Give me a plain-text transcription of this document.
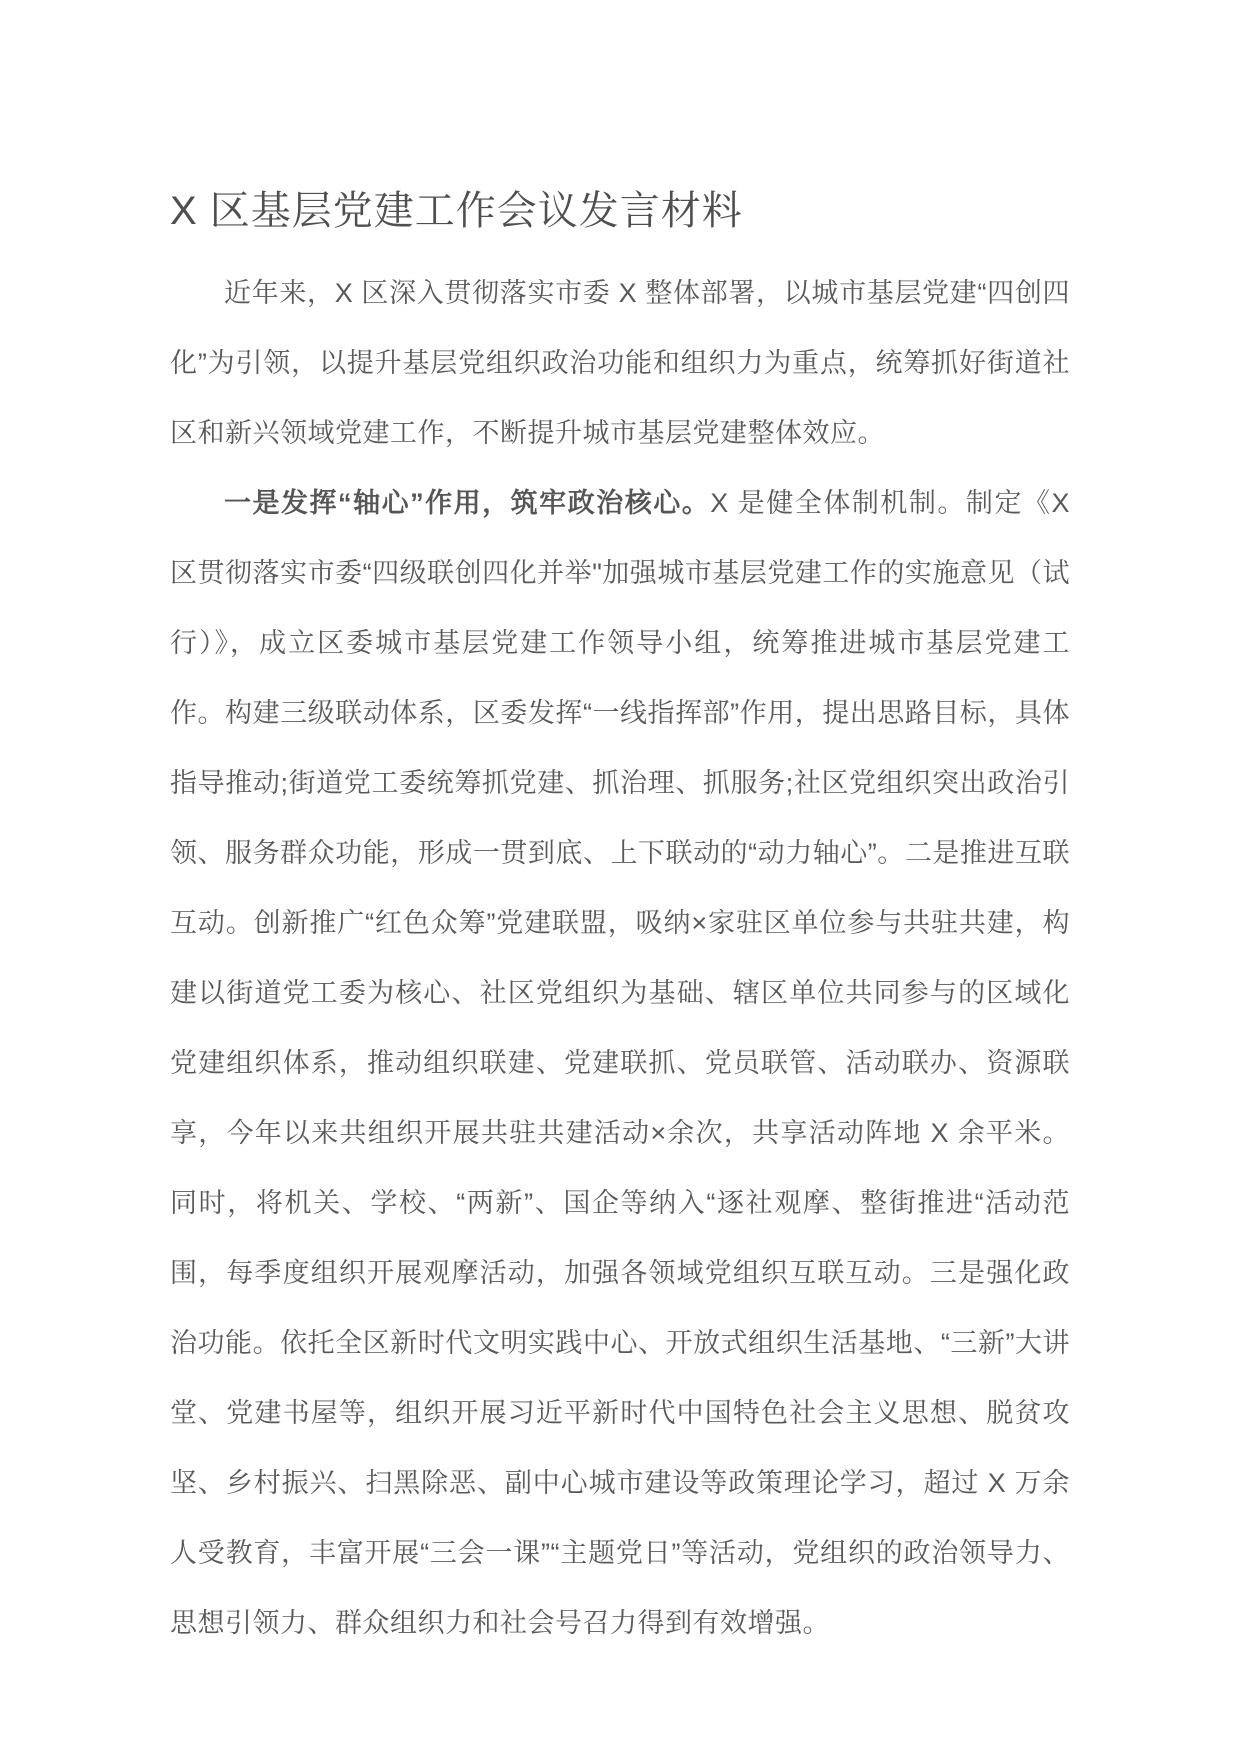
X 区基层党建工作会议发言材料

近年来，X 区深入贯彻落实市委 X 整体部署，以城市基层党建“四创四化”为引领，以提升基层党组织政治功能和组织力为重点，统筹抓好街道社区和新兴领域党建工作，不断提升城市基层党建整体效应。

一是发挥“轴心”作用，筑牢政治核心。X 是健全体制机制。制定《X 区贯彻落实市委“四级联创四化并举"加强城市基层党建工作的实施意见（试行）》，成立区委城市基层党建工作领导小组，统筹推进城市基层党建工作。构建三级联动体系，区委发挥“一线指挥部”作用，提出思路目标，具体指导推动;街道党工委统筹抓党建、抓治理、抓服务;社区党组织突出政治引领、服务群众功能，形成一贯到底、上下联动的“动力轴心”。二是推进互联互动。创新推广“红色众筹”党建联盟，吸纳×家驻区单位参与共驻共建，构建以街道党工委为核心、社区党组织为基础、辖区单位共同参与的区域化党建组织体系，推动组织联建、党建联抓、党员联管、活动联办、资源联享，今年以来共组织开展共驻共建活动×余次，共享活动阵地 X 余平米。同时，将机关、学校、“两新”、国企等纳入“逐社观摩、整街推进“活动范围，每季度组织开展观摩活动，加强各领域党组织互联互动。三是强化政治功能。依托全区新时代文明实践中心、开放式组织生活基地、“三新”大讲堂、党建书屋等，组织开展习近平新时代中国特色社会主义思想、脱贫攻坚、乡村振兴、扫黑除恶、副中心城市建设等政策理论学习，超过 X 万余人受教育，丰富开展“三会一课”“主题党日”等活动，党组织的政治领导力、思想引领力、群众组织力和社会号召力得到有效增强。
